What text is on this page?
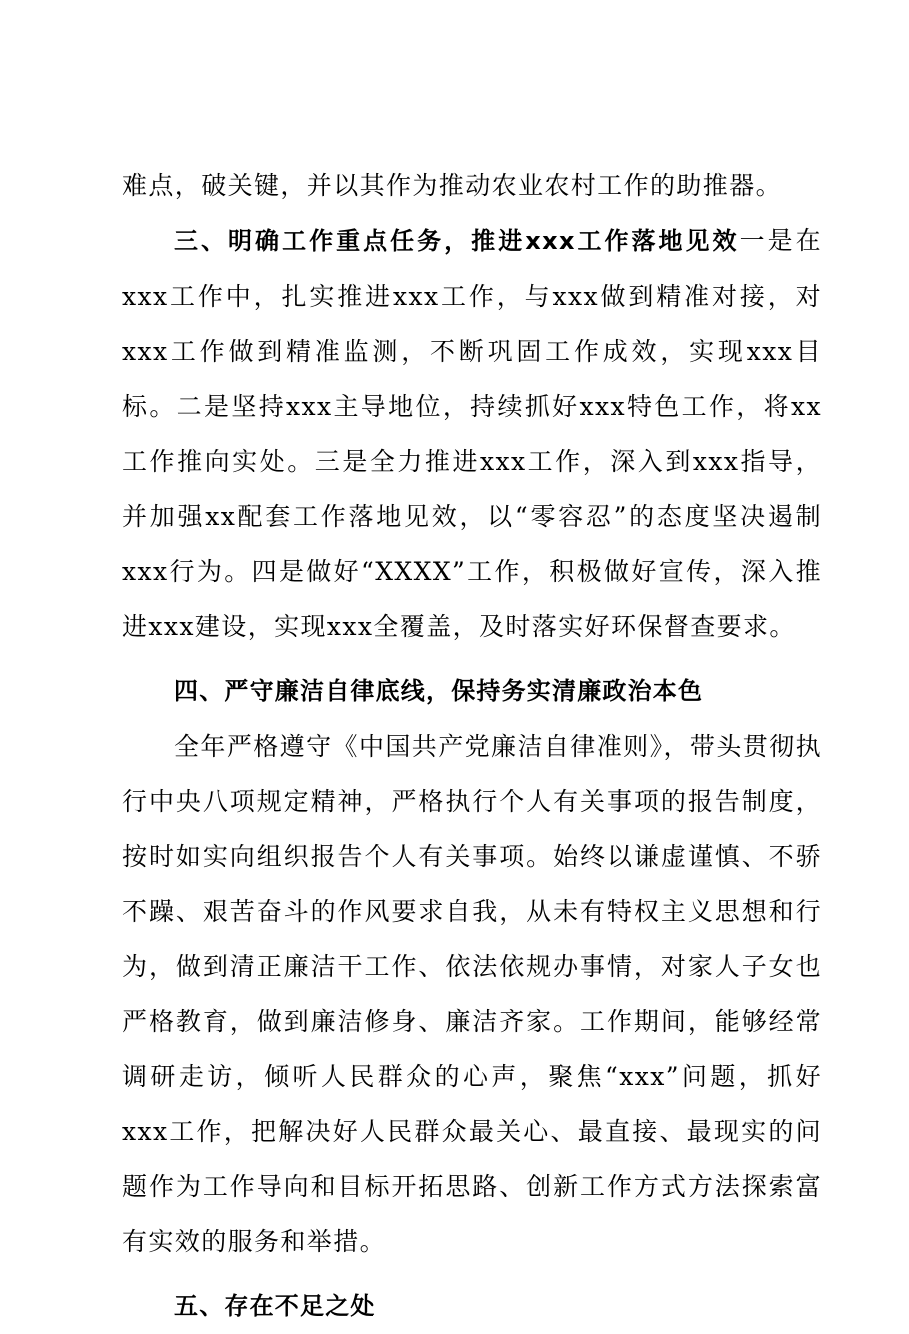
难点，破关键，并以其作为推动农业农村工作的助推器。

三、明确工作重点任务，推进xxx工作落地见效一是在xxx工作中，扎实推进xxx工作，与xxx做到精准对接，对xxx工作做到精准监测，不断巩固工作成效，实现xxx目标。二是坚持xxx主导地位，持续抓好xxx特色工作，将xx工作推向实处。三是全力推进xxx工作，深入到xxx指导，并加强xx配套工作落地见效，以“零容忍”的态度坚决遏制xxx行为。四是做好“XXXX”工作，积极做好宣传，深入推进xxx建设，实现xxx全覆盖，及时落实好环保督查要求。

四、严守廉洁自律底线，保持务实清廉政治本色

全年严格遵守《中国共产党廉洁自律准则》，带头贯彻执行中央八项规定精神，严格执行个人有关事项的报告制度，按时如实向组织报告个人有关事项。始终以谦虚谨慎、不骄不躁、艰苦奋斗的作风要求自我，从未有特权主义思想和行为，做到清正廉洁干工作、依法依规办事情，对家人子女也严格教育，做到廉洁修身、廉洁齐家。工作期间，能够经常调研走访，倾听人民群众的心声，聚焦“xxx”问题，抓好xxx工作，把解决好人民群众最关心、最直接、最现实的问题作为工作导向和目标开拓思路、创新工作方式方法探索富有实效的服务和举措。

五、存在不足之处
